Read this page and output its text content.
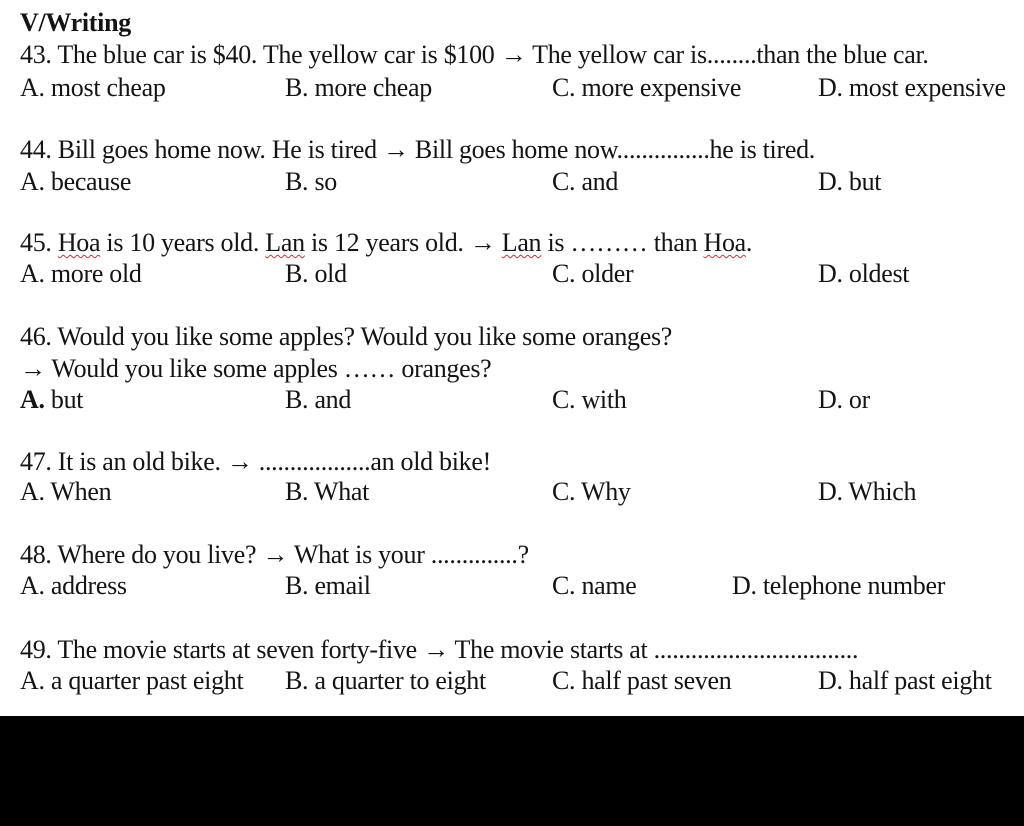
V/Writing
43. The blue car is $40. The yellow car is $100 → The yellow car is........than the blue car.
A. most cheap	B. more cheap	C. more expensive	D. most expensive
44. Bill goes home now. He is tired → Bill goes home now...............he is tired.
A. because	B. so	C. and	D. but
45. Hoa is 10 years old. Lan is 12 years old. → Lan is ……… than Hoa.
A. more old	B. old	C. older	D. oldest
46. Would you like some apples? Would you like some oranges?
→ Would you like some apples …… oranges?
A. but	B. and	C. with	D. or
47. It is an old bike. → ..................an old bike!
A. When	B. What	C. Why	D. Which
48. Where do you live? → What is your ..............?
A. address	B. email	C. name	D. telephone number
49. The movie starts at seven forty-five → The movie starts at .................................
A. a quarter past eight B. a quarter to eight	C. half past seven	D. half past eight
